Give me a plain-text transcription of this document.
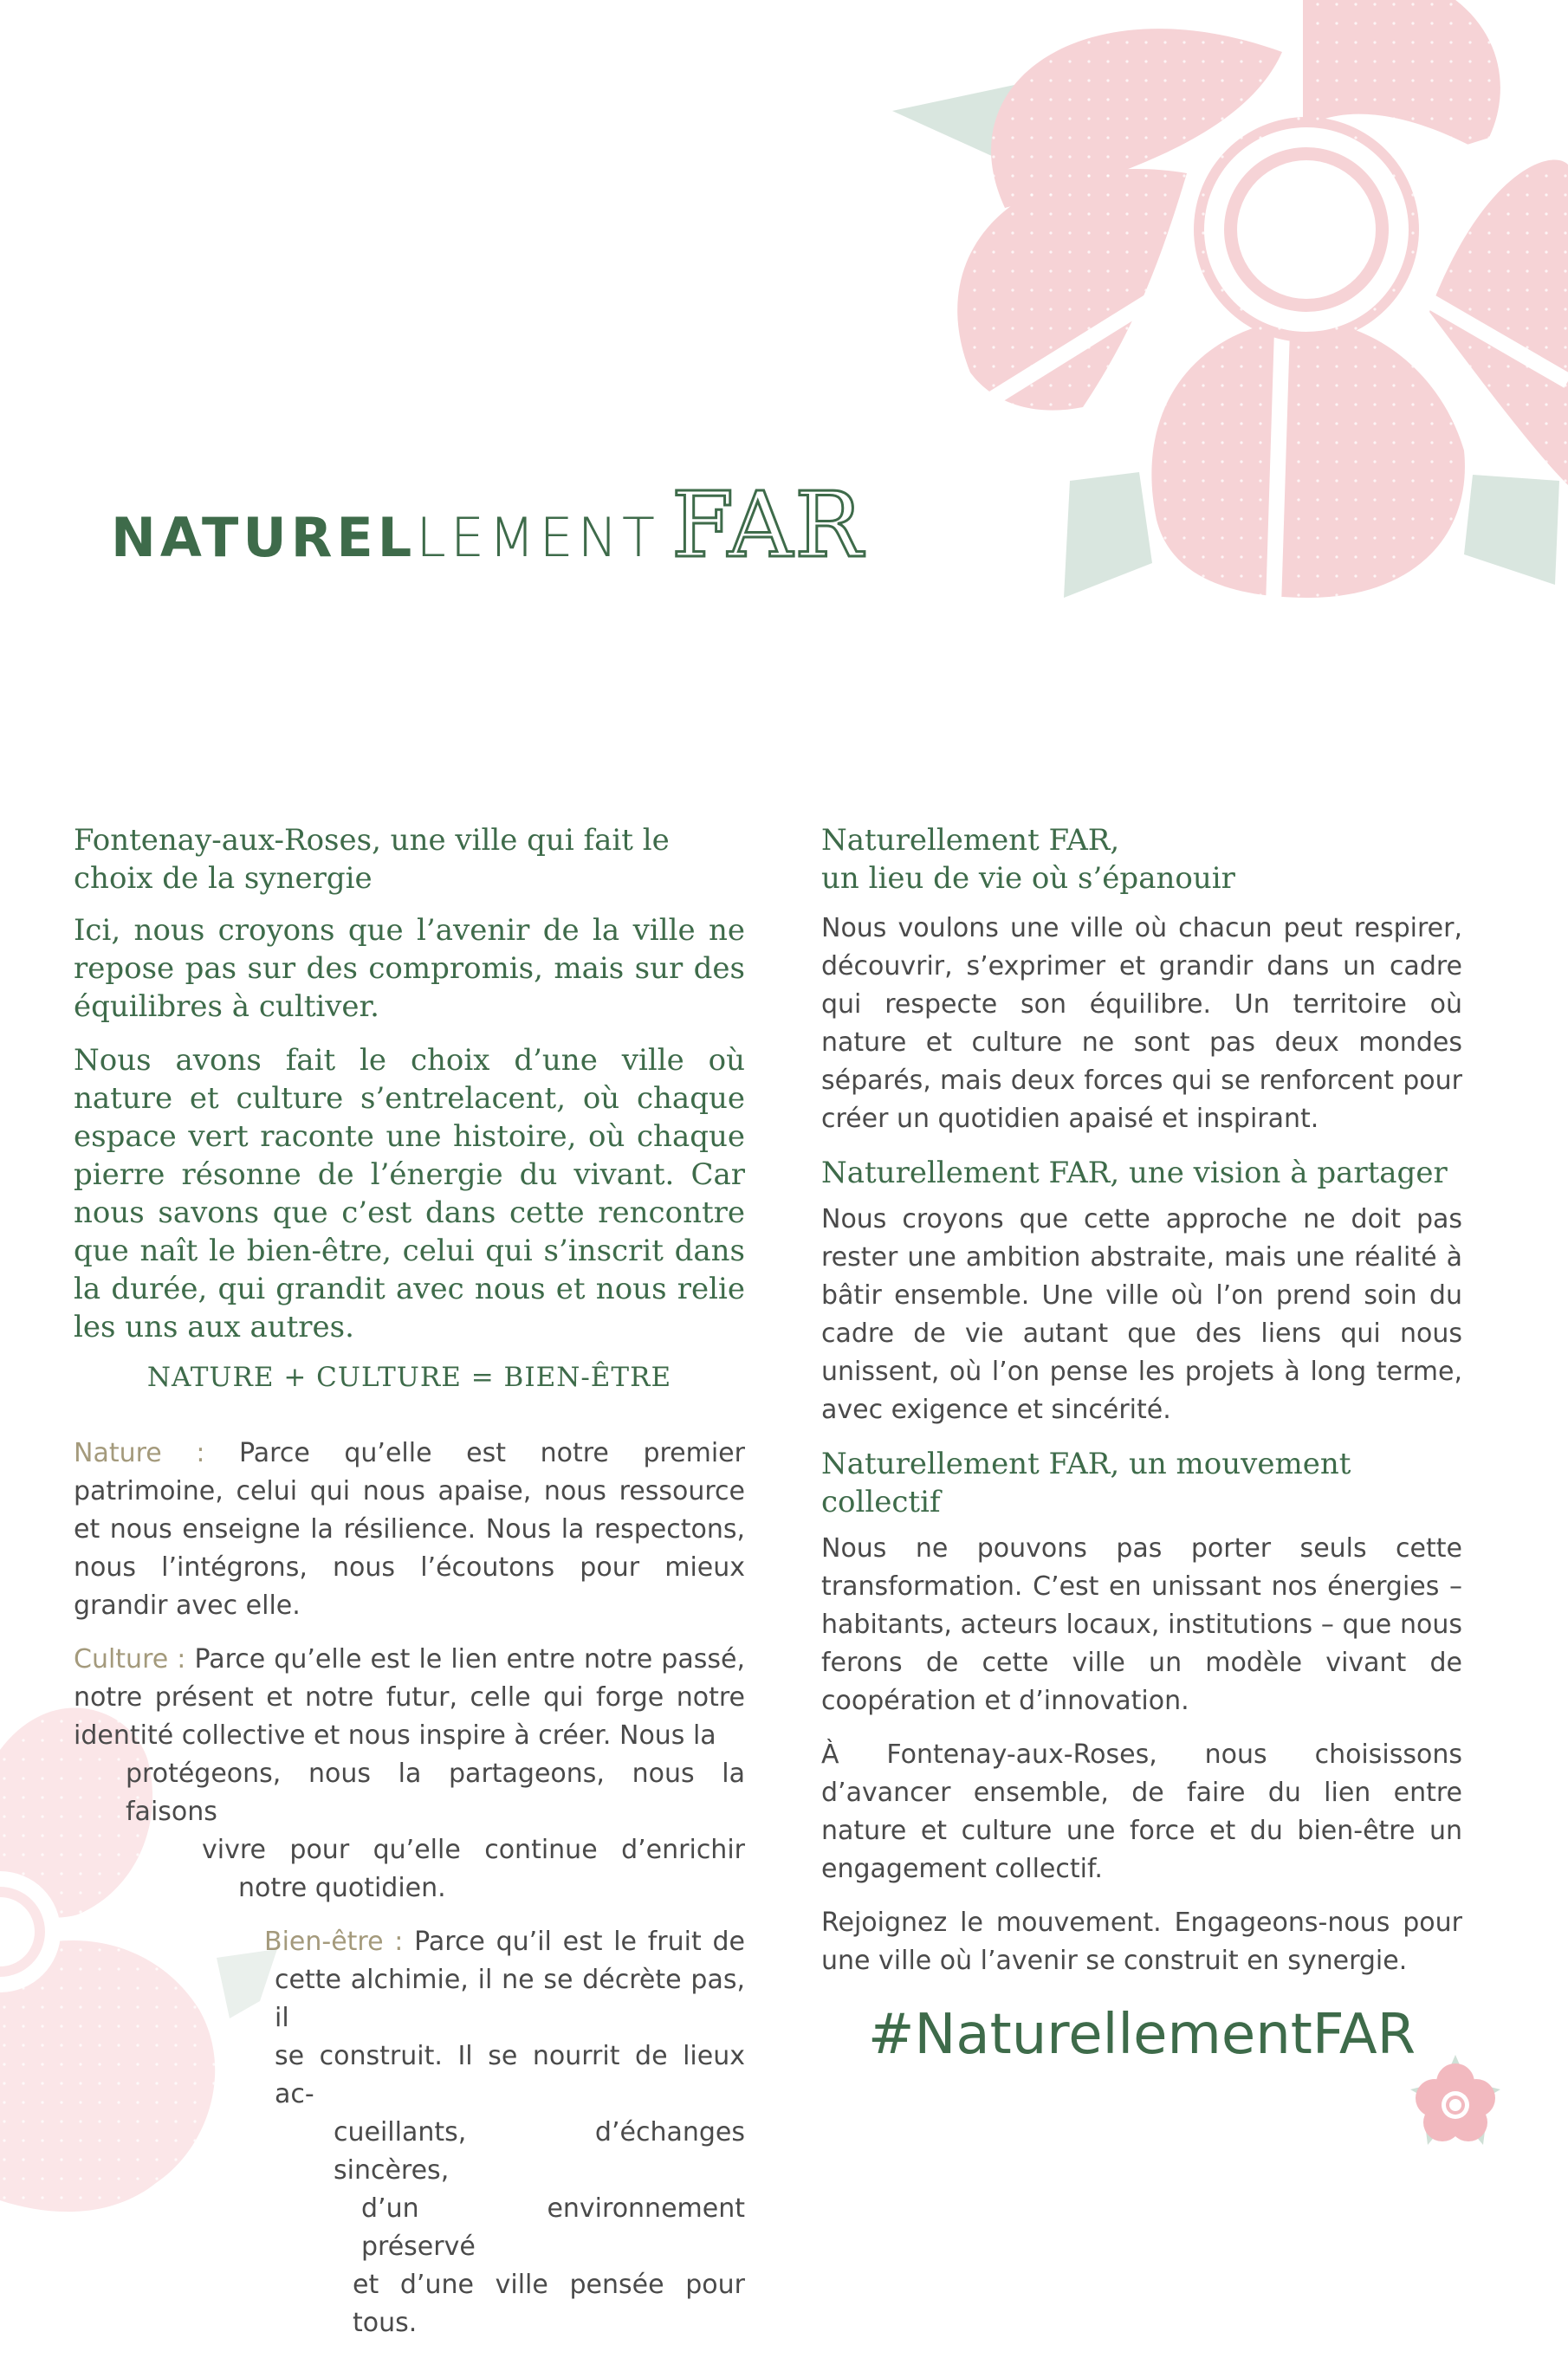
NATUREL LEMENT FAR
Fontenay-aux-Roses, une ville qui fait le choix de la synergie

Ici, nous croyons que l’avenir de la ville ne repose pas sur des compromis, mais sur des équilibres à cultiver.

Nous avons fait le choix d’une ville où nature et culture s’entrelacent, où chaque espace vert raconte une histoire, où chaque pierre résonne de l’énergie du vivant. Car nous savons que c’est dans cette rencontre que naît le bien-être, celui qui s’inscrit dans la durée, qui grandit avec nous et nous relie les uns aux autres.

NATURE + CULTURE = BIEN-ÊTRE

Nature : Parce qu’elle est notre premier patrimoine, celui qui nous apaise, nous ressource et nous enseigne la résilience. Nous la respectons, nous l’intégrons, nous l’écoutons pour mieux grandir avec elle.

Culture : Parce qu’elle est le lien entre notre passé, notre présent et notre futur, celle qui forge notre identité collective et nous inspire à créer. Nous la
protégeons, nous la partageons, nous la faisons
vivre pour qu’elle continue d’enrichir
notre quotidien.
Bien-être : Parce qu’il est le fruit de
cette alchimie, il ne se décrète pas, il
se construit. Il se nourrit de lieux ac-
cueillants, d’échanges sincères,
d’un environnement préservé
et d’une ville pensée pour tous.
Naturellement FAR,
un lieu de vie où s’épanouir

Nous voulons une ville où chacun peut respirer, découvrir, s’exprimer et grandir dans un cadre qui respecte son équilibre. Un territoire où nature et culture ne sont pas deux mondes séparés, mais deux forces qui se renforcent pour créer un quotidien apaisé et inspirant.

Naturellement FAR, une vision à partager

Nous croyons que cette approche ne doit pas rester une ambition abstraite, mais une réalité à bâtir ensemble. Une ville où l’on prend soin du cadre de vie autant que des liens qui nous unissent, où l’on pense les projets à long terme, avec exigence et sincérité.

Naturellement FAR, un mouvement collectif

Nous ne pouvons pas porter seuls cette transformation. C’est en unissant nos énergies – habitants, acteurs locaux, institutions – que nous ferons de cette ville un modèle vivant de coopération et d’innovation.

À Fontenay-aux-Roses, nous choisissons d’avancer ensemble, de faire du lien entre nature et culture une force et du bien-être un engagement collectif.

Rejoignez le mouvement. Engageons-nous pour une ville où l’avenir se construit en synergie.

#NaturellementFAR
